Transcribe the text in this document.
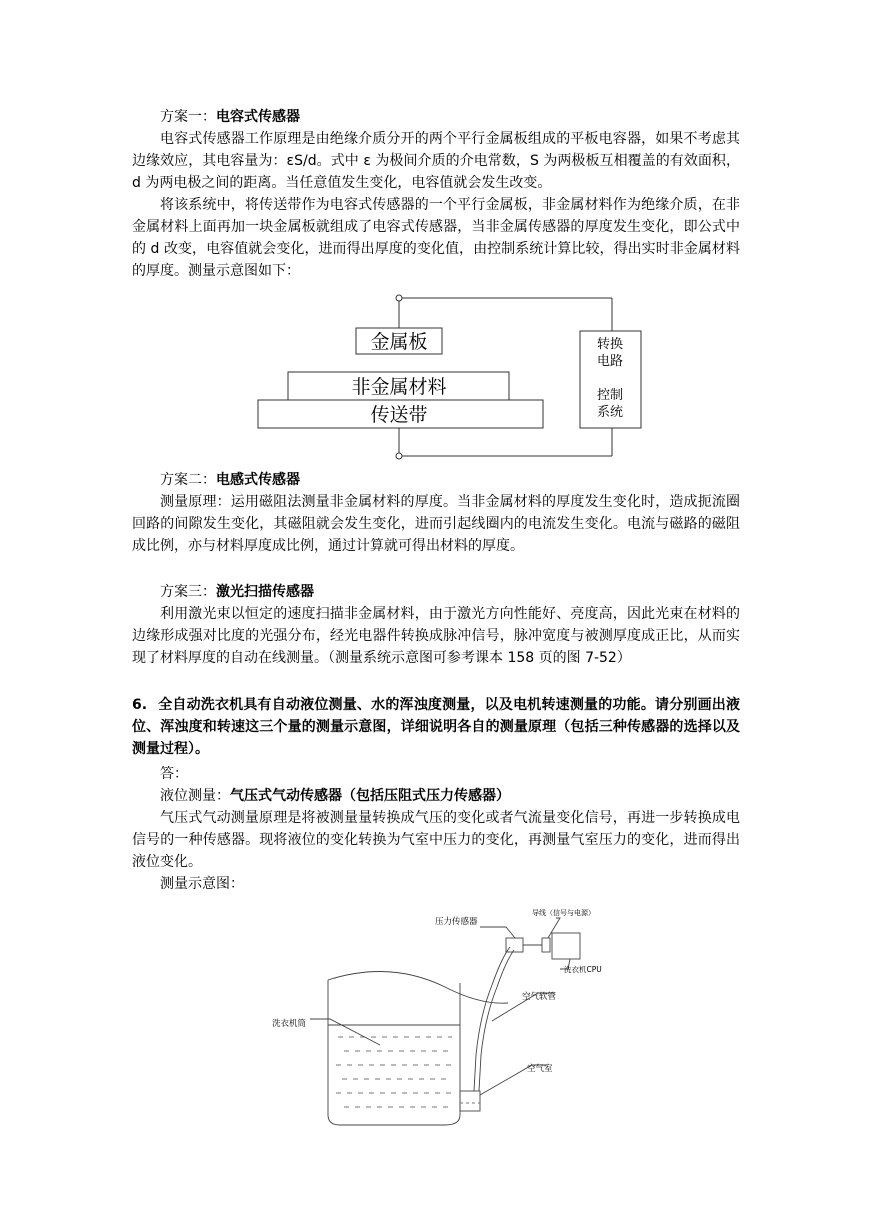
方案一：电容式传感器

电容式传感器工作原理是由绝缘介质分开的两个平行金属板组成的平板电容器，如果不考虑其边缘效应，其电容量为：εS/d。式中 ε 为极间介质的介电常数，S 为两极板互相覆盖的有效面积，d 为两电极之间的距离。当任意值发生变化，电容值就会发生改变。

将该系统中，将传送带作为电容式传感器的一个平行金属板，非金属材料作为绝缘介质，在非金属材料上面再加一块金属板就组成了电容式传感器，当非金属传感器的厚度发生变化，即公式中的 d 改变，电容值就会变化，进而得出厚度的变化值，由控制系统计算比较，得出实时非金属材料的厚度。测量示意图如下：

金属板
非金属材料
传送带
转换
电路
控制
系统

方案二：电感式传感器

测量原理：运用磁阻法测量非金属材料的厚度。当非金属材料的厚度发生变化时，造成扼流圈回路的间隙发生变化，其磁阻就会发生变化，进而引起线圈内的电流发生变化。电流与磁路的磁阻成比例，亦与材料厚度成比例，通过计算就可得出材料的厚度。

方案三：激光扫描传感器

利用激光束以恒定的速度扫描非金属材料，由于激光方向性能好、亮度高，因此光束在材料的边缘形成强对比度的光强分布，经光电器件转换成脉冲信号，脉冲宽度与被测厚度成正比，从而实现了材料厚度的自动在线测量。（测量系统示意图可参考课本 158 页的图 7-52）

6. 全自动洗衣机具有自动液位测量、水的浑浊度测量，以及电机转速测量的功能。请分别画出液位、浑浊度和转速这三个量的测量示意图，详细说明各自的测量原理（包括三种传感器的选择以及测量过程）。

答：

液位测量：气压式气动传感器（包括压阻式压力传感器）

气压式气动测量原理是将被测量量转换成气压的变化或者气流量变化信号，再进一步转换成电信号的一种传感器。现将液位的变化转换为气室中压力的变化，再测量气室压力的变化，进而得出液位变化。

测量示意图：

压力传感器
导线（信号与电源）
洗衣机CPU
空气软管
洗衣机筒
空气室
